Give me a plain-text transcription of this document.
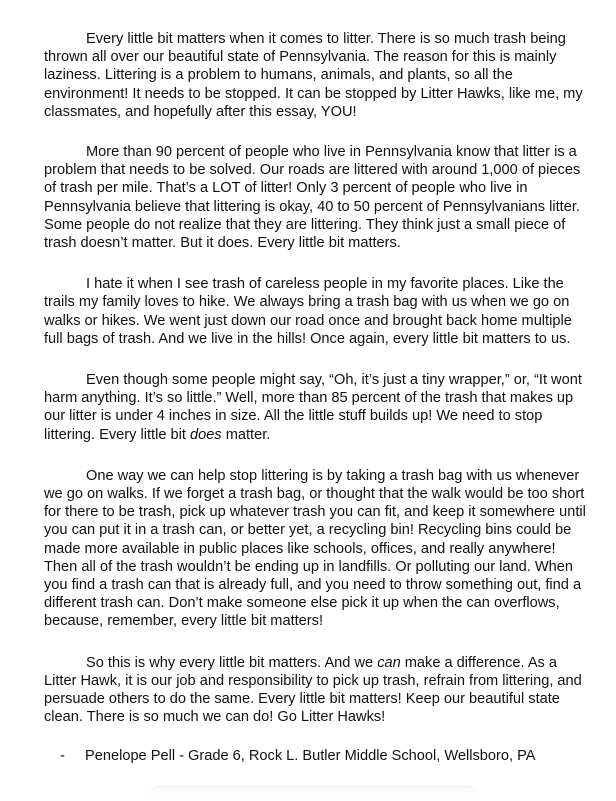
Every little bit matters when it comes to litter. There is so much trash being thrown all over our beautiful state of Pennsylvania. The reason for this is mainly laziness. Littering is a problem to humans, animals, and plants, so all the environment! It needs to be stopped. It can be stopped by Litter Hawks, like me, my classmates, and hopefully after this essay, YOU!

More than 90 percent of people who live in Pennsylvania know that litter is a problem that needs to be solved. Our roads are littered with around 1,000 of pieces of trash per mile. That’s a LOT of litter! Only 3 percent of people who live in Pennsylvania believe that littering is okay, 40 to 50 percent of Pennsylvanians litter. Some people do not realize that they are littering. They think just a small piece of trash doesn’t matter. But it does. Every little bit matters.

I hate it when I see trash of careless people in my favorite places. Like the trails my family loves to hike. We always bring a trash bag with us when we go on walks or hikes. We went just down our road once and brought back home multiple full bags of trash. And we live in the hills! Once again, every little bit matters to us.

Even though some people might say, “Oh, it’s just a tiny wrapper,” or, “It wont harm anything. It’s so little.” Well, more than 85 percent of the trash that makes up our litter is under 4 inches in size. All the little stuff builds up! We need to stop littering. Every little bit does matter.

One way we can help stop littering is by taking a trash bag with us whenever we go on walks. If we forget a trash bag, or thought that the walk would be too short for there to be trash, pick up whatever trash you can fit, and keep it somewhere until you can put it in a trash can, or better yet, a recycling bin! Recycling bins could be made more available in public places like schools, offices, and really anywhere! Then all of the trash wouldn’t be ending up in landfills. Or polluting our land. When you find a trash can that is already full, and you need to throw something out, find a different trash can. Don’t make someone else pick it up when the can overflows, because, remember, every little bit matters!

So this is why every little bit matters. And we can make a difference. As a Litter Hawk, it is our job and responsibility to pick up trash, refrain from littering, and persuade others to do the same. Every little bit matters! Keep our beautiful state clean. There is so much we can do! Go Litter Hawks!

- Penelope Pell - Grade 6, Rock L. Butler Middle School, Wellsboro, PA
